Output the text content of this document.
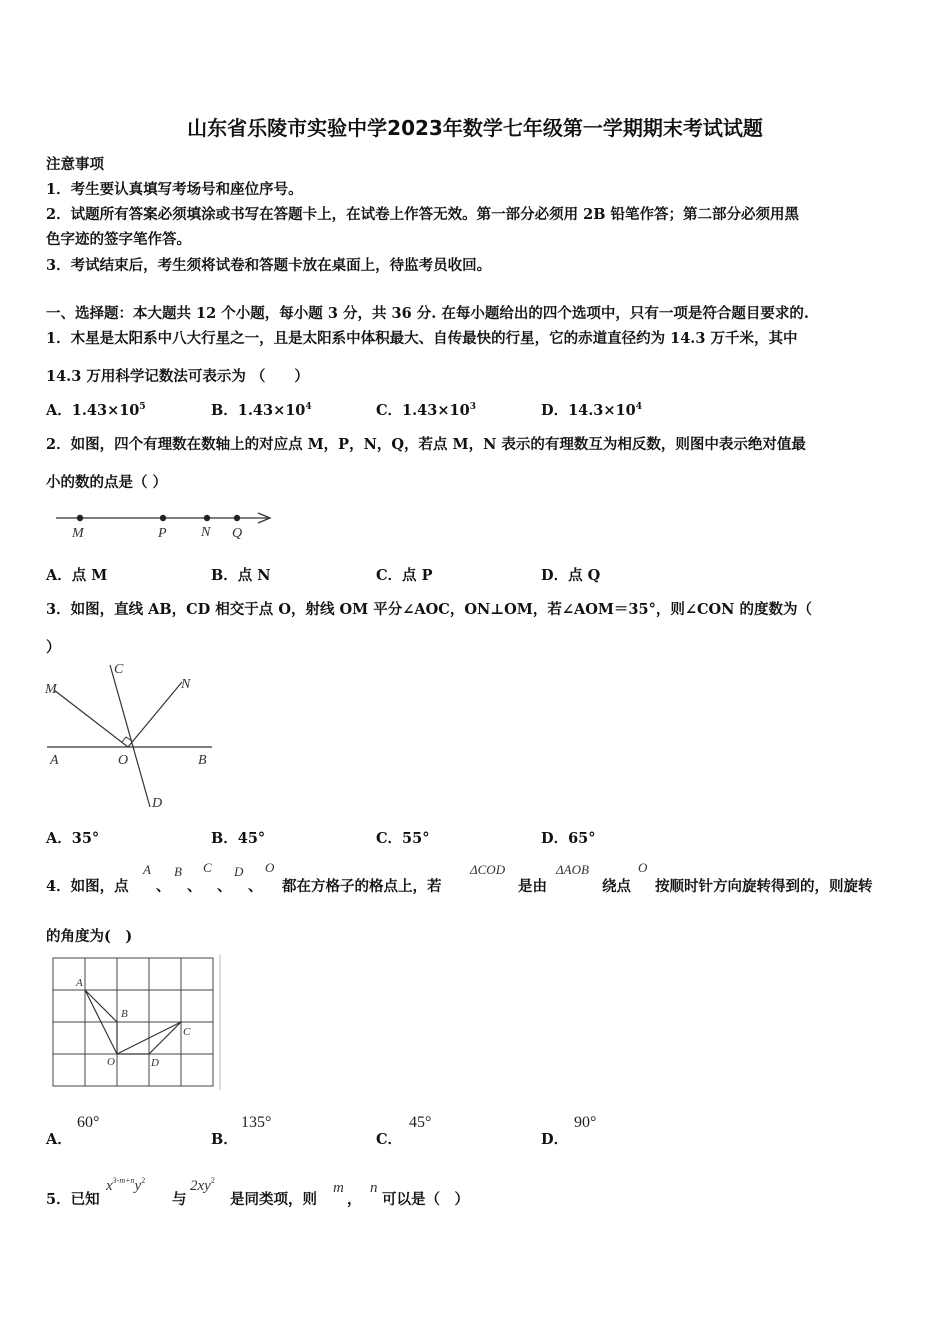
山东省乐陵市实验中学2023年数学七年级第一学期期末考试试题
注意事项
1．考生要认真填写考场号和座位序号。
2．试题所有答案必须填涂或书写在答题卡上，在试卷上作答无效。第一部分必须用 2B 铅笔作答；第二部分必须用黑
色字迹的签字笔作答。
3．考试结束后，考生须将试卷和答题卡放在桌面上，待监考员收回。
一、选择题：本大题共 12 个小题，每小题 3 分，共 36 分. 在每小题给出的四个选项中，只有一项是符合题目要求的.
1．木星是太阳系中八大行星之一，且是太阳系中体积最大、自传最快的行星，它的赤道直径约为 14.3 万千米，其中
14.3 万用科学记数法可表示为 （　　）
A．$1.43\times 10^5$	B．$1.43\times 10^4$	C．$1.43\times 10^3$	D．$14.3\times 10^4$
2．如图，四个有理数在数轴上的对应点 M，P，N，Q，若点 M，N 表示的有理数互为相反数，则图中表示绝对值最
小的数的点是（ ）
M	P N Q
A．点 M	B．点 N	C．点 P	D．点 Q
3．如图，直线 AB，CD 相交于点 O，射线 OM 平分∠AOC，ON⊥OM，若∠AOM＝35°，则∠CON 的度数为（
）
M
C
N
A	O	B
D
A．35°	B．45°	C．55°	D．65°
4．如图，点
A
、
B
、
C
、
D
、
O
都在方格子的格点上，若
ΔCOD
是由
ΔAOB
绕点
O
按顺时针方向旋转得到的，则旋转
的角度为(　)
A
B
C
O	D
A．
60°
B．
135°
C．
45°
D．
90°
5．已知
$x^{3-m+n}y^2$
与
$2xy^2$
是同类项，则
m
，
n
可以是（　）
